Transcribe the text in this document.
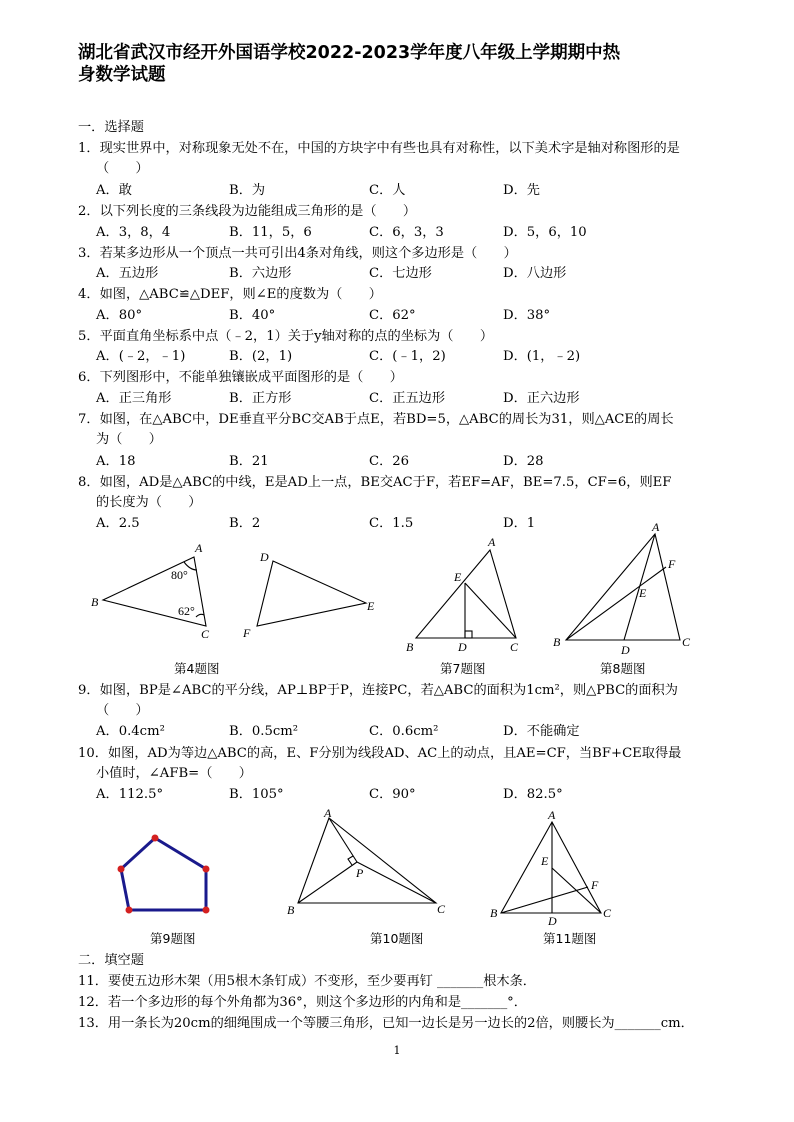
湖北省武汉市经开外国语学校2022-2023学年度八年级上学期期中热
身数学试题
一．选择题
1．现实世界中，对称现象无处不在，中国的方块字中有些也具有对称性，以下美术字是轴对称图形的是
（　　）
A．敢	B．为	C．人	D．先
2．以下列长度的三条线段为边能组成三角形的是（　　）
A．3，8，4	B．11，5，6	C．6，3，3	D．5，6，10
3．若某多边形从一个顶点一共可引出4条对角线，则这个多边形是（　　）
A．五边形	B．六边形	C．七边形	D．八边形
4．如图，△ABC≌△DEF，则∠E的度数为（　　）
A．80°	B．40°	C．62°	D．38°
5．平面直角坐标系中点（﹣2，1）关于y轴对称的点的坐标为（　　）
A．(﹣2，﹣1)	B．(2，1)	C．(﹣1，2)	D．(1，﹣2)
6．下列图形中，不能单独镶嵌成平面图形的是（　　）
A．正三角形	B．正方形	C．正五边形	D．正六边形
7．如图，在△ABC中，DE垂直平分BC交AB于点E，若BD=5，△ABC的周长为31，则△ACE的周长
为（　　）
A．18	B．21	C．26	D．28
8．如图，AD是△ABC的中线，E是AD上一点，BE交AC于F，若EF=AF，BE=7.5，CF=6，则EF
的长度为（　　）
A．2.5	B．2	C．1.5	D．1
A
B
C
D
E
F
80°
62°
A
B	C
D
E
A
B	C
D
E
F
第4题图	第7题图	第8题图
9．如图，BP是∠ABC的平分线，AP⊥BP于P，连接PC，若△ABC的面积为1cm²，则△PBC的面积为
（　　）
A．0.4cm²	B．0.5cm²	C．0.6cm²	D．不能确定
10．如图，AD为等边△ABC的高，E、F分别为线段AD、AC上的动点，且AE=CF，当BF+CE取得最
小值时，∠AFB=（　　）
A．112.5°	B．105°	C．90°	D．82.5°
A
B	C
P
A
B	C
D
E
F
第9题图	第10题图	第11题图
二．填空题
11．要使五边形木架（用5根木条钉成）不变形，至少要再钉 _______根木条．
12．若一个多边形的每个外角都为36°，则这个多边形的内角和是_______°．
13．用一条长为20cm的细绳围成一个等腰三角形，已知一边长是另一边长的2倍，则腰长为_______cm．
1
